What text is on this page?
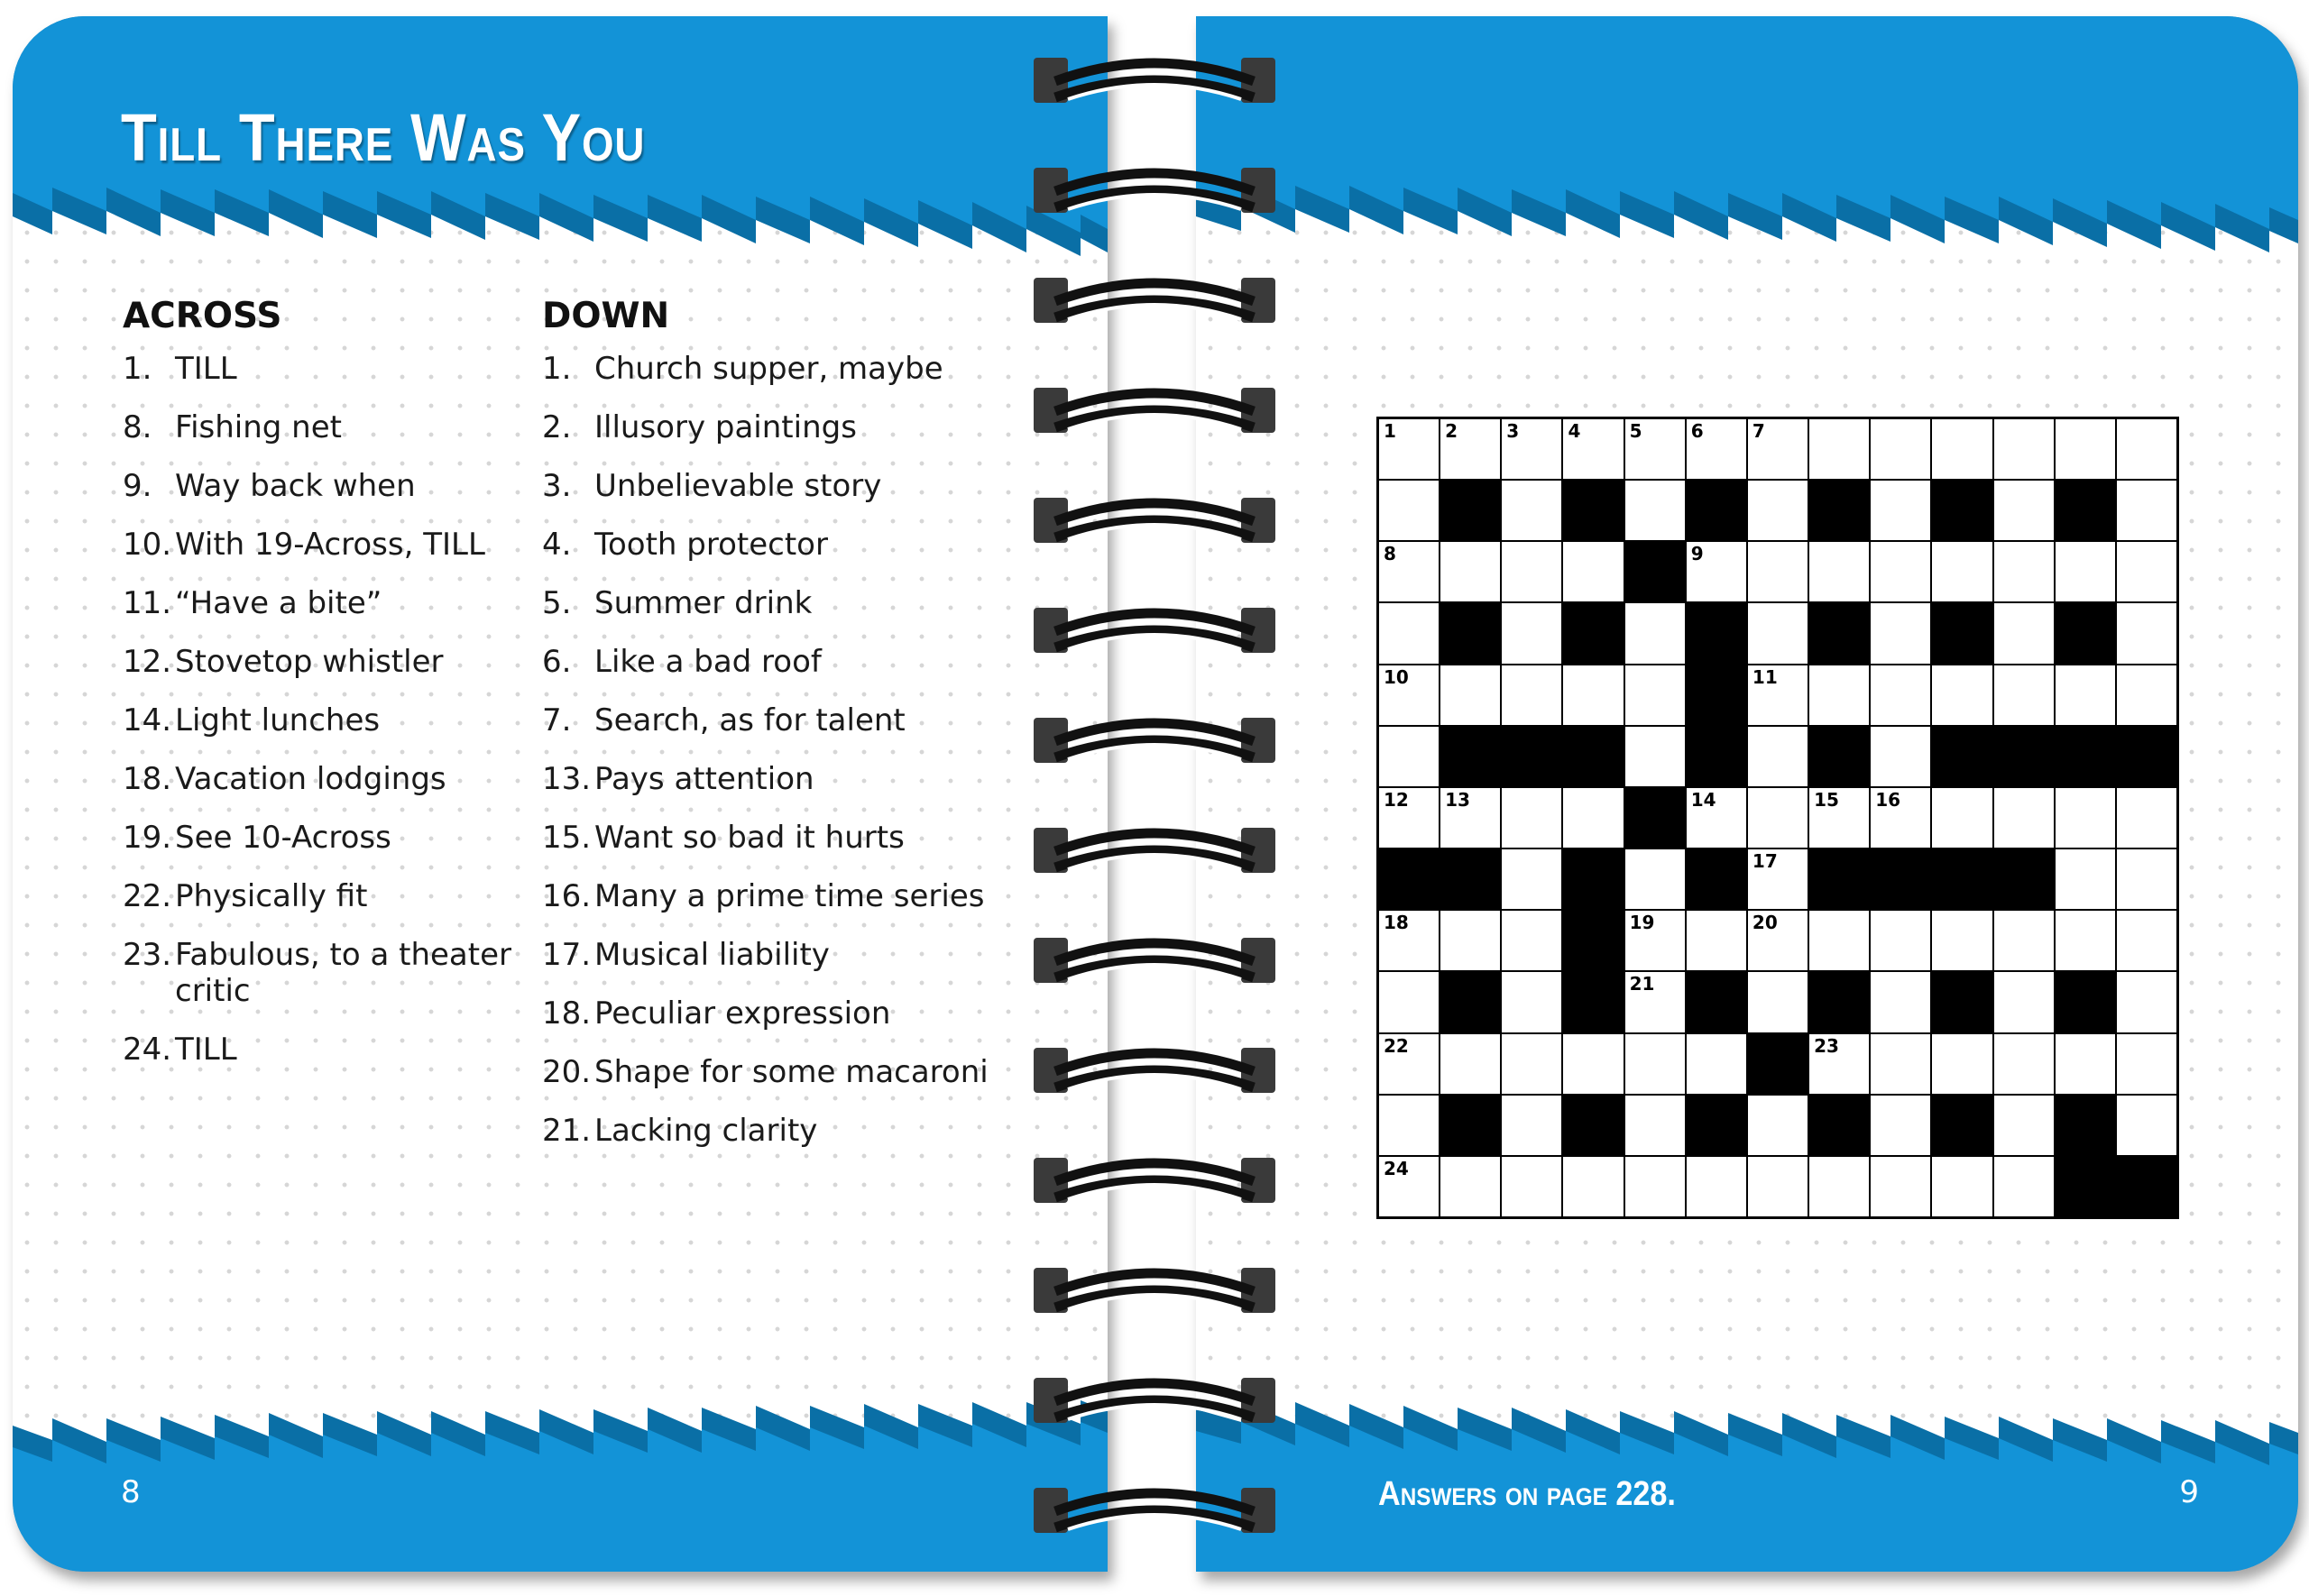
Till There Was You
ACROSS
1. TILL
8. Fishing net
9. Way back when
10. With 19-Across, TILL
11. “Have a bite”
12. Stovetop whistler
14. Light lunches
18. Vacation lodgings
19. See 10-Across
22. Physically fit
23. Fabulous, to a theater critic
24. TILL
DOWN
1. Church supper, maybe
2. Illusory paintings
3. Unbelievable story
4. Tooth protector
5. Summer drink
6. Like a bad roof
7. Search, as for talent
13. Pays attention
15. Want so bad it hurts
16. Many a prime time series
17. Musical liability
18. Peculiar expression
20. Shape for some macaroni
21. Lacking clarity
8
1	2	3	4	5	6	7
8	9
10	11
12 13	14	15 16
17
18	19	20
21
22	23
24
Answers on page 228.	9
